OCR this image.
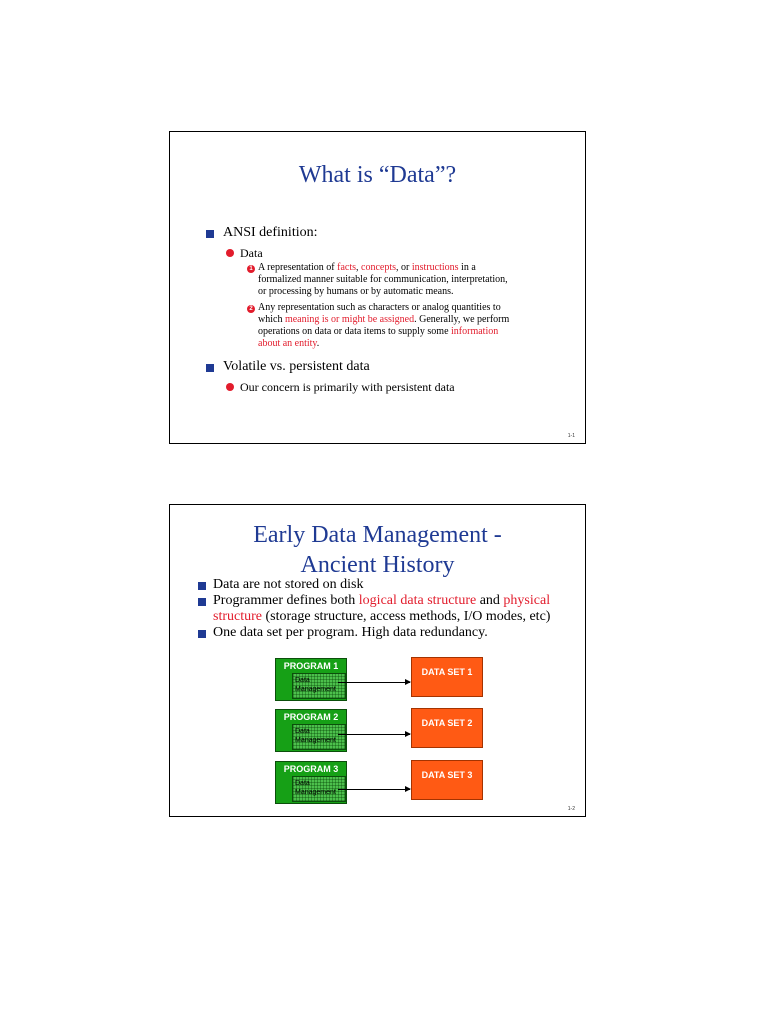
What is “Data”?
ANSI definition:
Data
1 A representation of facts, concepts, or instructions in a
formalized manner suitable for communication, interpretation,
or processing by humans or by automatic means.
2 Any representation such as characters or analog quantities to
which meaning is or might be assigned. Generally, we perform
operations on data or data items to supply some information
about an entity.
Volatile vs. persistent data
Our concern is primarily with persistent data
1-1
Early Data Management -
Ancient History
Data are not stored on disk
Programmer defines both logical data structure and physical
structure (storage structure, access methods, I/O modes, etc)
One data set per program. High data redundancy.
PROGRAM 1
Data
Management
DATA SET 1
PROGRAM 2
Data
Management
DATA SET 2
PROGRAM 3
Data
Management
DATA SET 3
1-2
